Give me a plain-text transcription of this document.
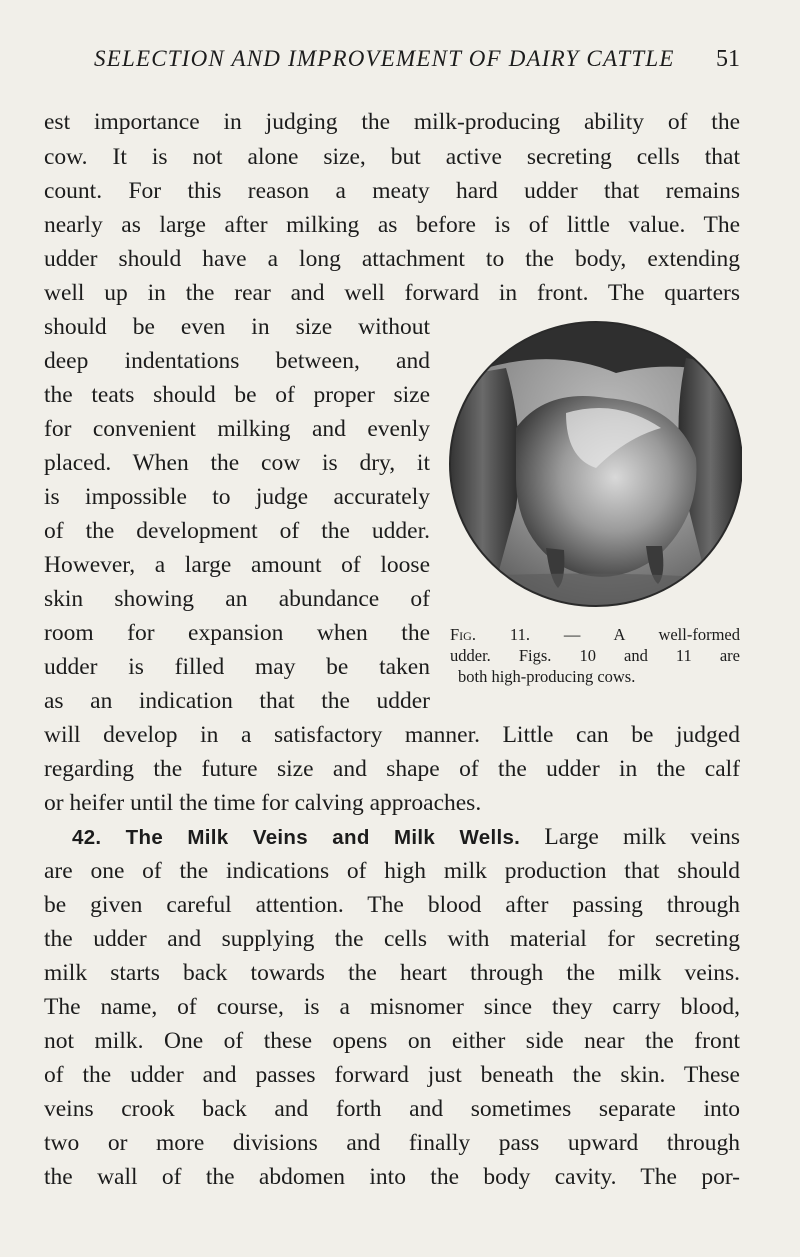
SELECTION AND IMPROVEMENT OF DAIRY CATTLE 51
est importance in judging the milk-producing ability of the
cow. It is not alone size, but active secreting cells that
count. For this reason a meaty hard udder that remains
nearly as large after milking as before is of little value. The
udder should have a long attachment to the body, extending
well up in the rear and well forward in front. The quarters
should be even in size without
deep indentations between, and
the teats should be of proper size
for convenient milking and evenly
placed. When the cow is dry, it
is impossible to judge accurately
of the development of the udder.
However, a large amount of loose
skin showing an abundance of
room for expansion when the
udder is filled may be taken
as an indication that the udder
will develop in a satisfactory manner. Little can be judged
regarding the future size and shape of the udder in the calf
or heifer until the time for calving approaches.
42. The Milk Veins and Milk Wells. Large milk veins
are one of the indications of high milk production that should
be given careful attention. The blood after passing through
the udder and supplying the cells with material for secreting
milk starts back towards the heart through the milk veins.
The name, of course, is a misnomer since they carry blood,
not milk. One of these opens on either side near the front
of the udder and passes forward just beneath the skin. These
veins crook back and forth and sometimes separate into
two or more divisions and finally pass upward through
the wall of the abdomen into the body cavity. The por-
Fig. 11. — A well-formed
udder. Figs. 10 and 11 are
both high-producing cows.
